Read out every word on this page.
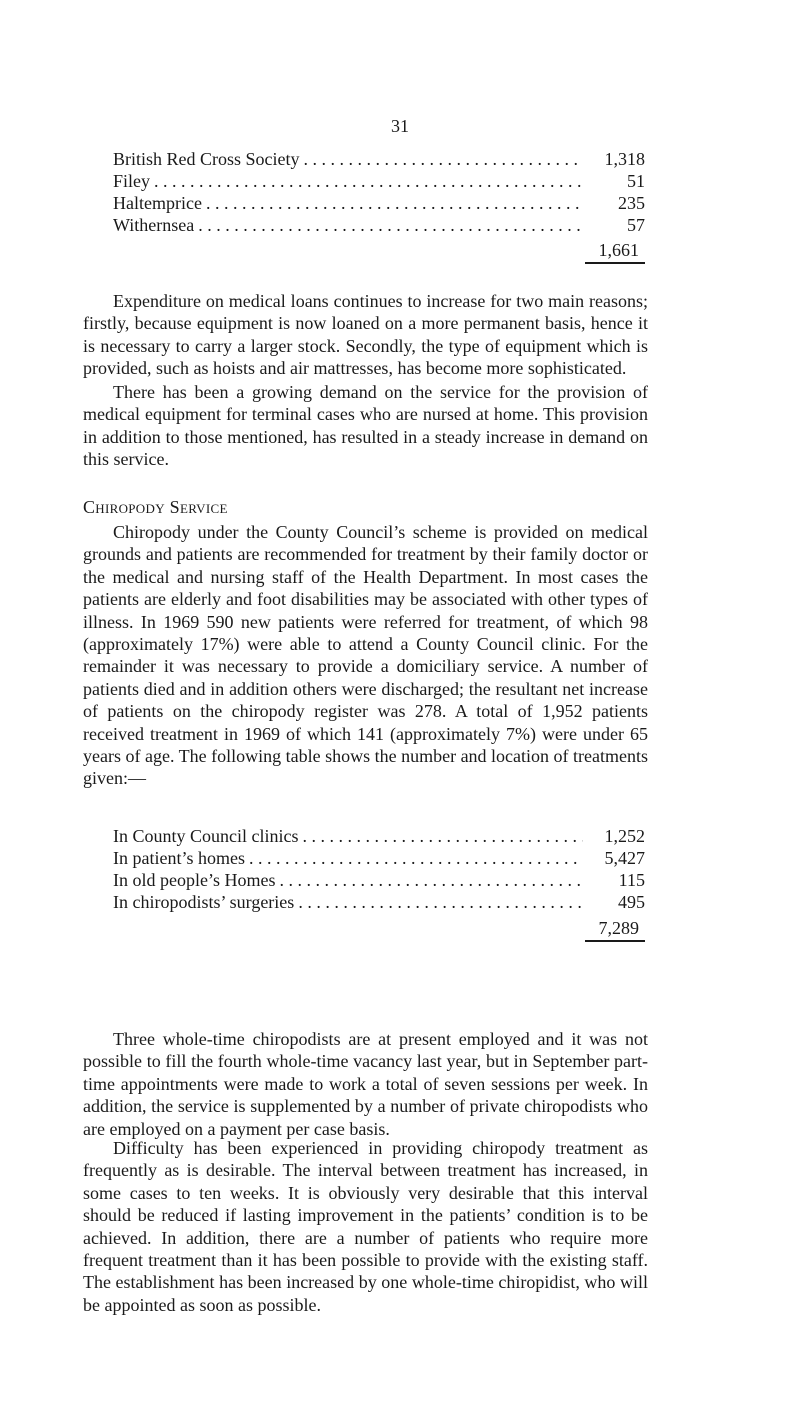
31
British Red Cross Society . . .	1,318
Filey . . .	51
Haltemprice . . .	235
Withernsea . . .	57
1,661

Expenditure on medical loans continues to increase for two main reasons; firstly, because equipment is now loaned on a more permanent basis, hence it is necessary to carry a larger stock. Secondly, the type of equipment which is provided, such as hoists and air mattresses, has become more sophisticated.

There has been a growing demand on the service for the provision of medical equipment for terminal cases who are nursed at home. This provision in addition to those mentioned, has resulted in a steady increase in demand on this service.

Chiropody Service

Chiropody under the County Council’s scheme is provided on medical grounds and patients are recommended for treatment by their family doctor or the medical and nursing staff of the Health Department. In most cases the patients are elderly and foot disabilities may be associated with other types of illness. In 1969 590 new patients were referred for treatment, of which 98 (approximately 17%) were able to attend a County Council clinic. For the remainder it was necessary to provide a domiciliary service. A number of patients died and in addition others were discharged; the resultant net increase of patients on the chiropody register was 278. A total of 1,952 patients received treatment in 1969 of which 141 (approximately 7%) were under 65 years of age. The following table shows the number and location of treatments given:—

In County Council clinics . . .	1,252
In patient’s homes . . .	5,427
In old people’s Homes . . .	115
In chiropodists’ surgeries . . .	495
7,289

Three whole-time chiropodists are at present employed and it was not possible to fill the fourth whole-time vacancy last year, but in September part-time appointments were made to work a total of seven sessions per week. In addition, the service is supplemented by a number of private chiropodists who are employed on a payment per case basis.

Difficulty has been experienced in providing chiropody treatment as frequently as is desirable. The interval between treatment has increased, in some cases to ten weeks. It is obviously very desirable that this interval should be reduced if lasting improvement in the patients’ condition is to be achieved. In addition, there are a number of patients who require more frequent treatment than it has been possible to provide with the existing staff. The establishment has been increased by one whole-time chiropidist, who will be appointed as soon as possible.
